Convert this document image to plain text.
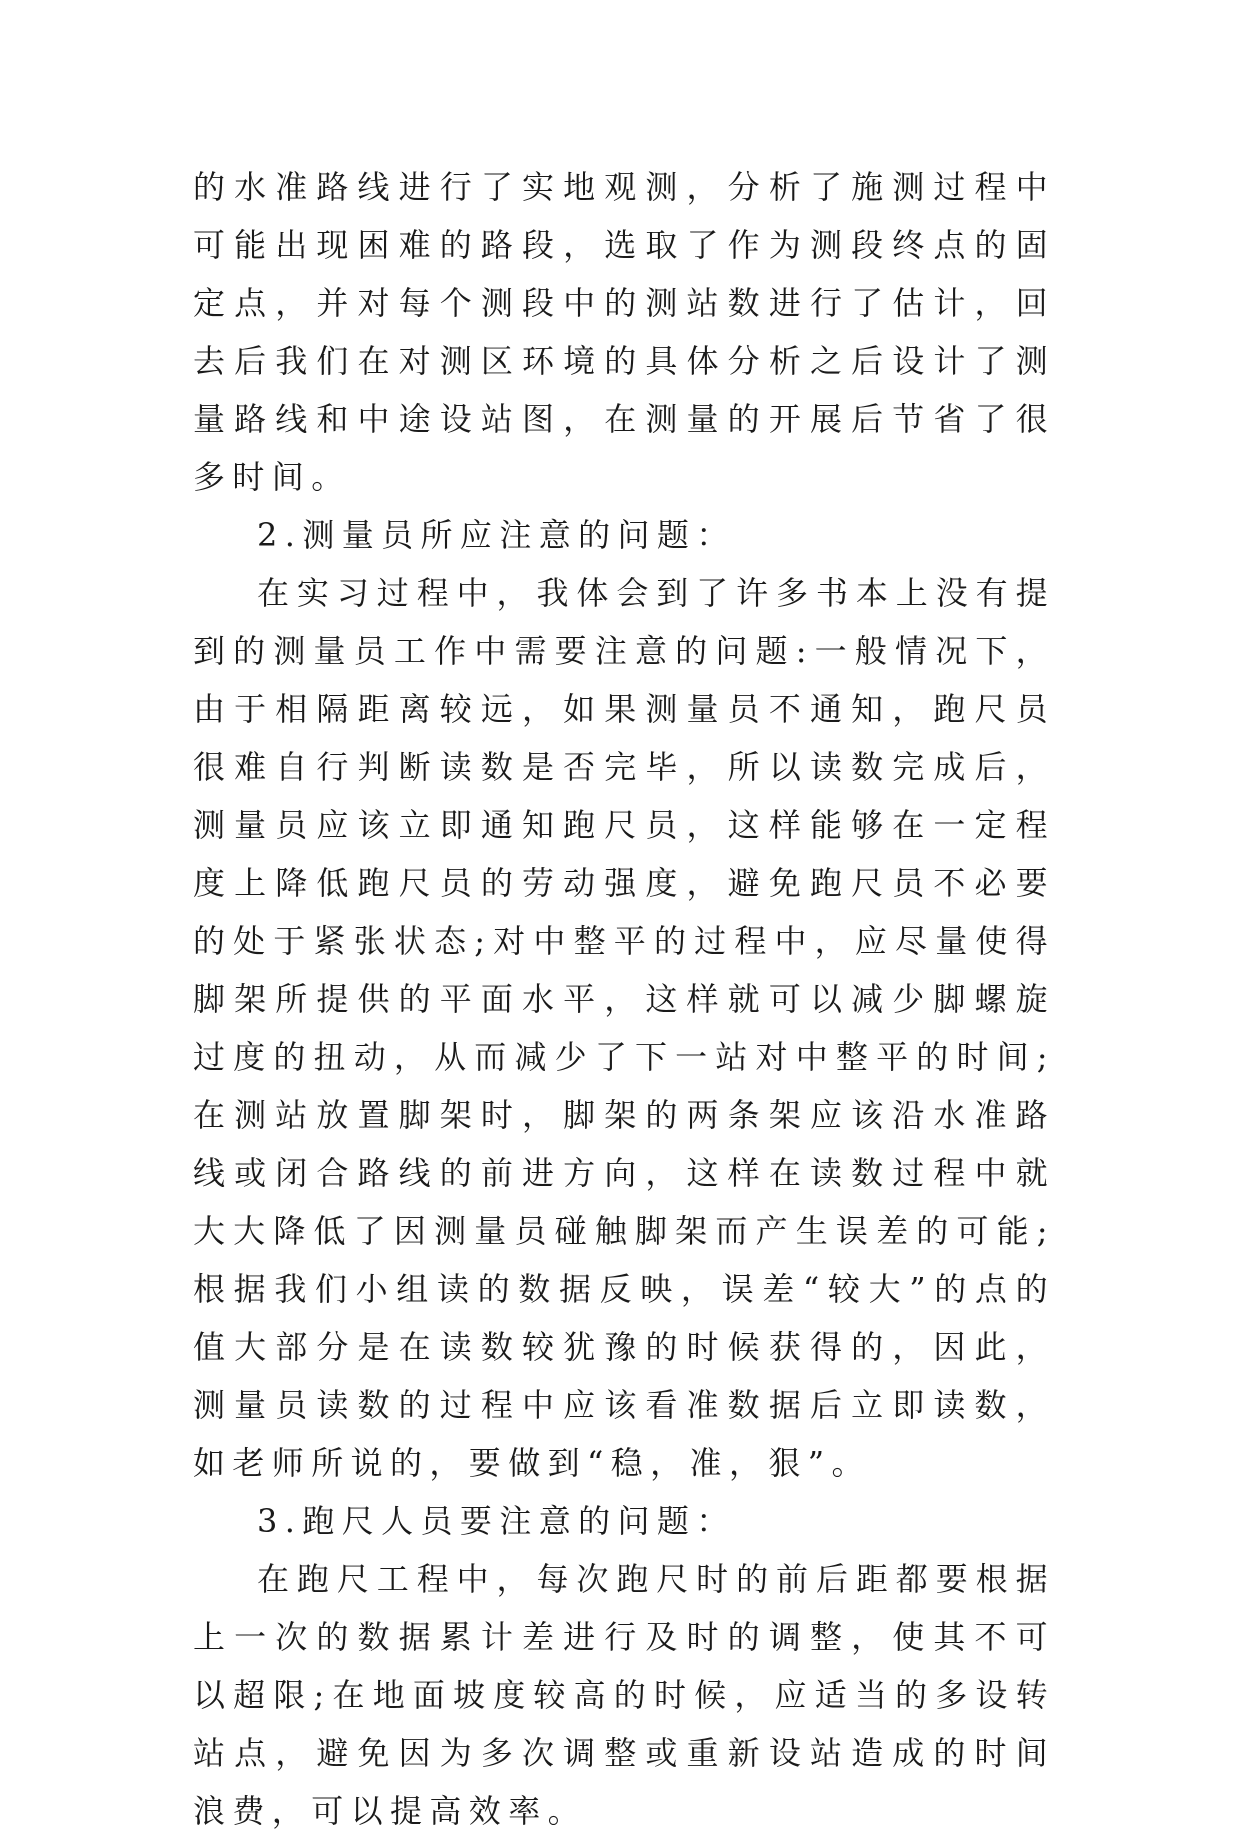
的水准路线进行了实地观测，分析了施测过程中可能出现困难的路段，选取了作为测段终点的固定点，并对每个测段中的测站数进行了估计，回去后我们在对测区环境的具体分析之后设计了测量路线和中途设站图，在测量的开展后节省了很多时间。

2.测量员所应注意的问题：

在实习过程中，我体会到了许多书本上没有提到的测量员工作中需要注意的问题:一般情况下，由于相隔距离较远，如果测量员不通知，跑尺员很难自行判断读数是否完毕，所以读数完成后，测量员应该立即通知跑尺员，这样能够在一定程度上降低跑尺员的劳动强度，避免跑尺员不必要的处于紧张状态;对中整平的过程中，应尽量使得脚架所提供的平面水平，这样就可以减少脚螺旋过度的扭动，从而减少了下一站对中整平的时间;在测站放置脚架时，脚架的两条架应该沿水准路线或闭合路线的前进方向，这样在读数过程中就大大降低了因测量员碰触脚架而产生误差的可能;根据我们小组读的数据反映，误差“较大”的点的值大部分是在读数较犹豫的时候获得的，因此，测量员读数的过程中应该看准数据后立即读数，如老师所说的，要做到“稳，准，狠”。

3.跑尺人员要注意的问题：

在跑尺工程中，每次跑尺时的前后距都要根据上一次的数据累计差进行及时的调整，使其不可以超限;在地面坡度较高的时候，应适当的多设转站点，避免因为多次调整或重新设站造成的时间浪费，可以提高效率。
